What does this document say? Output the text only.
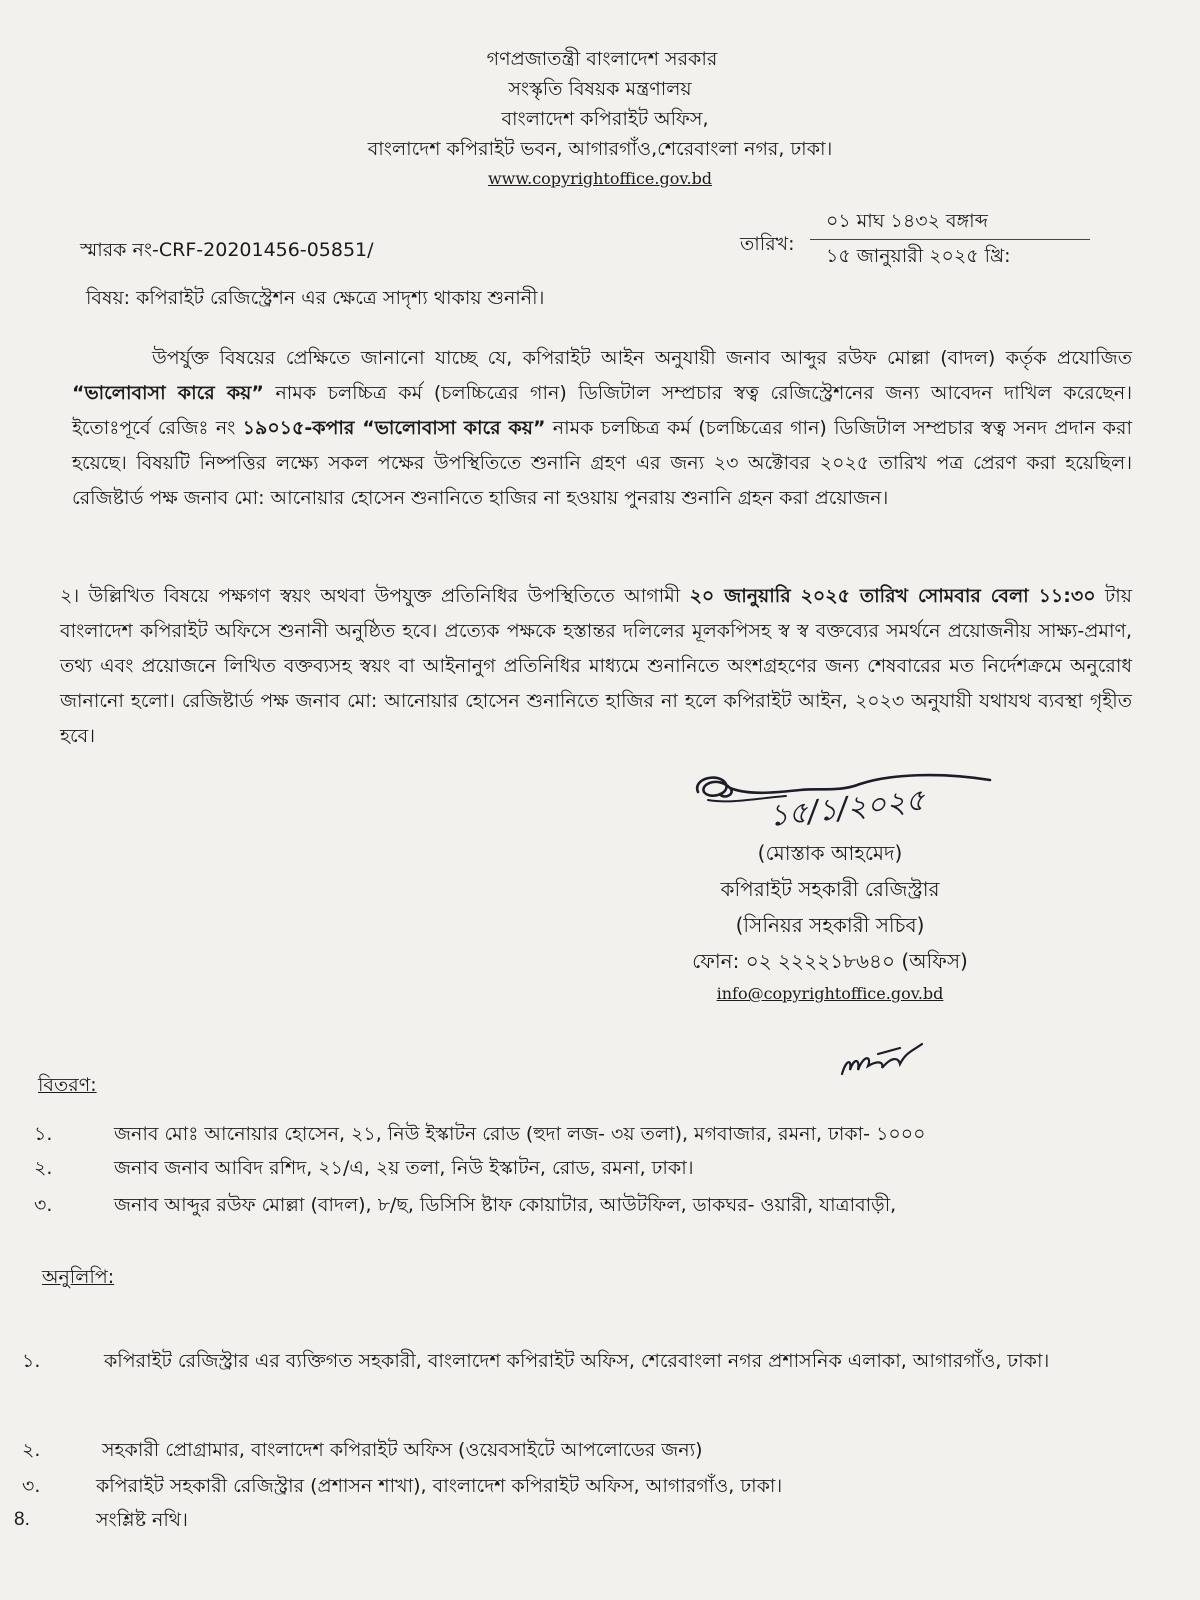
গণপ্রজাতন্ত্রী বাংলাদেশ সরকার
সংস্কৃতি বিষয়ক মন্ত্রণালয়
বাংলাদেশ কপিরাইট অফিস,
বাংলাদেশ কপিরাইট ভবন, আগারগাঁও,শেরেবাংলা নগর, ঢাকা।
www.copyrightoffice.gov.bd
স্মারক নং-CRF-20201456-05851/	তারিখ:
০১ মাঘ ১৪৩২ বঙ্গাব্দ
১৫ জানুয়ারী ২০২৫ খ্রি:
বিষয়: কপিরাইট রেজিস্ট্রেশন এর ক্ষেত্রে সাদৃশ্য থাকায় শুনানী।
উপর্যুক্ত বিষয়ের প্রেক্ষিতে জানানো যাচ্ছে যে, কপিরাইট আইন অনুযায়ী জনাব আব্দুর রউফ মোল্লা (বাদল) কর্তৃক প্রযোজিত “ভালোবাসা কারে কয়” নামক চলচ্চিত্র কর্ম (চলচ্চিত্রের গান) ডিজিটাল সম্প্রচার স্বত্ব রেজিস্ট্রেশনের জন্য আবেদন দাখিল করেছেন। ইতোঃপূর্বে রেজিঃ নং ১৯০১৫-কপার “ভালোবাসা কারে কয়” নামক চলচ্চিত্র কর্ম (চলচ্চিত্রের গান) ডিজিটাল সম্প্রচার স্বত্ব সনদ প্রদান করা হয়েছে। বিষয়টি নিষ্পত্তির লক্ষ্যে সকল পক্ষের উপস্থিতিতে শুনানি গ্রহণ এর জন্য ২৩ অক্টোবর ২০২৫ তারিখ পত্র প্রেরণ করা হয়েছিল। রেজিষ্টার্ড পক্ষ জনাব মো: আনোয়ার হোসেন শুনানিতে হাজির না হওয়ায় পুনরায় শুনানি গ্রহন করা প্রয়োজন।
২। উল্লিখিত বিষয়ে পক্ষগণ স্বয়ং অথবা উপযুক্ত প্রতিনিধির উপস্থিতিতে আগামী ২০ জানুয়ারি ২০২৫ তারিখ সোমবার বেলা ১১:৩০ টায় বাংলাদেশ কপিরাইট অফিসে শুনানী অনুষ্ঠিত হবে। প্রত্যেক পক্ষকে হস্তান্তর দলিলের মূলকপিসহ স্ব স্ব বক্তব্যের সমর্থনে প্রয়োজনীয় সাক্ষ্য-প্রমাণ, তথ্য এবং প্রয়োজনে লিখিত বক্তব্যসহ স্বয়ং বা আইনানুগ প্রতিনিধির মাধ্যমে শুনানিতে অংশগ্রহণের জন্য শেষবারের মত নির্দেশক্রমে অনুরোধ জানানো হলো। রেজিষ্টার্ড পক্ষ জনাব মো: আনোয়ার হোসেন শুনানিতে হাজির না হলে কপিরাইট আইন, ২০২৩ অনুযায়ী যথাযথ ব্যবস্থা গৃহীত হবে।
১৫/১/২০২৫
(মোস্তাক আহমেদ)
কপিরাইট সহকারী রেজিস্ট্রার
(সিনিয়র সহকারী সচিব)
ফোন: ০২ ২২২২১৮৬৪০ (অফিস)
info@copyrightoffice.gov.bd
বিতরণ:
১.	জনাব মোঃ আনোয়ার হোসেন, ২১, নিউ ইস্কাটন রোড (হুদা লজ- ৩য় তলা), মগবাজার, রমনা, ঢাকা- ১০০০
২.	জনাব জনাব আবিদ রশিদ, ২১/এ, ২য় তলা, নিউ ইস্কাটন, রোড, রমনা, ঢাকা।
৩.	জনাব আব্দুর রউফ মোল্লা (বাদল), ৮/ছ, ডিসিসি ষ্টাফ কোয়াটার, আউটফিল, ডাকঘর- ওয়ারী, যাত্রাবাড়ী,
অনুলিপি:
১.	কপিরাইট রেজিস্ট্রার এর ব্যক্তিগত সহকারী, বাংলাদেশ কপিরাইট অফিস, শেরেবাংলা নগর প্রশাসনিক এলাকা, আগারগাঁও, ঢাকা।
২.	সহকারী প্রোগ্রামার, বাংলাদেশ কপিরাইট অফিস (ওয়েবসাইটে আপলোডের জন্য)
৩.	কপিরাইট সহকারী রেজিস্ট্রার (প্রশাসন শাখা), বাংলাদেশ কপিরাইট অফিস, আগারগাঁও, ঢাকা।
8.	সংশ্লিষ্ট নথি।
